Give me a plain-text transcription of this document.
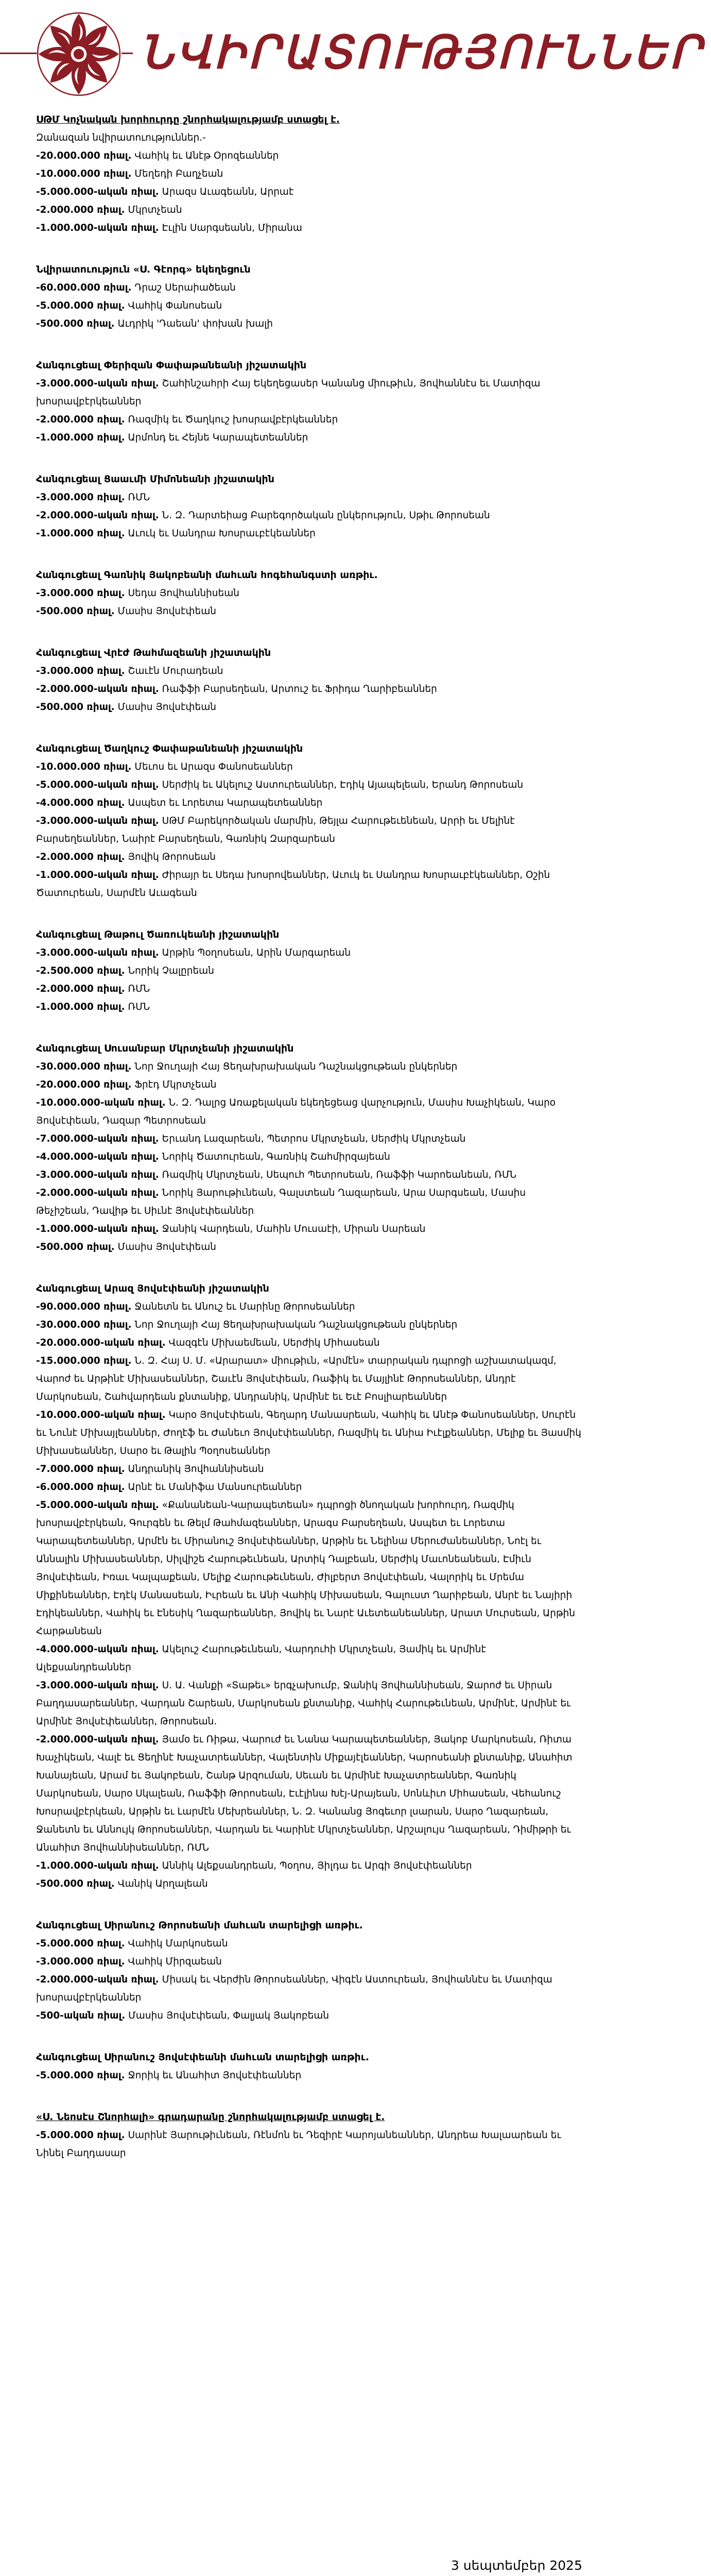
ՆՎԻՐԱՏՈՒԹՅՈՒՆՆԵՐ

ՍԹՄ Կոչնական խորհուրդը շնորհակալությամբ ստացել է.

Զանազան նվիրատուություններ.-

-20.000.000 ռիալ. Վահիկ եւ Անէթ Օրոզեաններ

-10.000.000 ռիալ. Մեղեդի Բաղչեան

-5.000.000-ական ռիալ. Արազս Աւագեանն, Արրաէ

-2.000.000 ռիալ. Մկրտչեան

-1.000.000-ական ռիալ. Էւլին Սարգսեանն, Միրանա

Նվիրատուություն «Ս. Գէորգ» եկեղեցուն

-60.000.000 ռիալ. Դրաշ Սերաիածեան

-5.000.000 ռիալ. Վահիկ Փանոսեան

-500.000 ռիալ. Աւդրիկ 'Դաեան' փոխան խալի

Հանգուցեալ Փերիզան Փափաթանեանի յիշատակին

-3.000.000-ական ռիալ. Շահինշահրի Հայ Եկեղեցասեր Կանանց միութիւն, Յովհաննէս եւ Մատիզա խոսրավբէրկեաններ

-2.000.000 ռիալ. Ռազմիկ եւ Ծաղկուշ խոսրավբէրկեաններ

-1.000.000 ռիալ. Արմոնդ եւ Հեյնե Կարապետեաններ

Հանգուցեալ Ցաաւմի Միմոնեանի յիշատակին

-3.000.000 ռիալ. ՌՄՆ

-2.000.000-ական ռիալ. Ն. Զ. Դարտեիաց Բարեգործական ընկերություն, Սթիւ Թորոսեան

-1.000.000 ռիալ. Աւուկ եւ Սանդրա Խոսրաւբէկեաններ

Հանգուցեալ Գառնիկ Յակոբեանի մահւան հոգեհանգստի առթիւ.

-3.000.000 ռիալ. Սեդա Յովհաննիսեան

-500.000 ռիալ. Մասիս Յովսէփեան

Հանգուցեալ Վրէժ Թահմազեանի յիշատակին

-3.000.000 ռիալ. Շաւէն Մուրադեան

-2.000.000-ական ռիալ. Ռաֆֆի Բարսեղեան, Արտուշ եւ Ֆրիդա Ղարիբեաններ

-500.000 ռիալ. Մասիս Յովսէփեան

Հանգուցեալ Ծաղկուշ Փափաթանեանի յիշատակին

-10.000.000 ռիալ. Մեւոս եւ Արազս Փանոսեաններ

-5.000.000-ական ռիալ. Սերժիկ եւ Ակելուշ Աստուրեաններ, Էդիկ Այապելեան, Երանդ Թորոսեան

-4.000.000 ռիալ. Ասպետ եւ Լորետա Կարապետեաններ

-3.000.000-ական ռիալ. ՍԹՄ Բարեկործական մարմին, Թեյլա Հարութեւենեան, Արրի եւ Մելինէ Բարսեղեաններ, Նաիրէ Բարսեղեան, Գառնիկ Զարզարեան

-2.000.000 ռիալ. Յովիկ Թորոսեան

-1.000.000-ական ռիալ. Ժիրայր եւ Սեդա խոսրովեաններ, Աւուկ եւ Սանդրա Խոսրաւբէկեաններ, Օշին Ծատուրեան, Սարմէն Աւագեան

Հանգուցեալ Թաթուլ Ծառուկեանի յիշատակին

-3.000.000-ական ռիալ. Արթին Պօղոսեան, Արին Մարգարեան

-2.500.000 ռիալ. Նորիկ Չալըրեան

-2.000.000 ռիալ. ՌՄՆ

-1.000.000 ռիալ. ՌՄՆ

Հանգուցեալ Սուսանբար Մկրտչեանի յիշատակին

-30.000.000 ռիալ. Նոր Ջուղայի Հայ Ցեղախրախական Դաշնակցութեան ընկերներ

-20.000.000 ռիալ. Ֆրէդ Մկրտչեան

-10.000.000-ական ռիալ. Ն. Զ. Դալրց Առաքելական եկեղեցեաց վարչություն, Մասիս Խաչիկեան, Կարօ Յովսէփեան, Դազար Պետրոսեան

-7.000.000-ական ռիալ. Երւանդ Լազարեան, Պետրոս Մկրտչեան, Սերժիկ Մկրտչեան

-4.000.000-ական ռիալ. Նորիկ Ծատուրեան, Գառնիկ Շահմիրզայեան

-3.000.000-ական ռիալ. Ռազմիկ Մկրտչեան, Սեպուհ Պետրոսեան, Ռաֆֆի Կարոեանեան, ՌՄՆ

-2.000.000-ական ռիալ. Նորիկ Յարութիւնեան, Գալստեան Ղազարեան, Արա Սարգսեան, Մասիս Թեչիշեան, Դավիթ եւ Սիւնէ Յովսէփեաններ

-1.000.000-ական ռիալ. Ջանիկ Վարդեան, Մահին Մուսաէի, Միրան Սարեան

-500.000 ռիալ. Մասիս Յովսէփեան

Հանգուցեալ Արազ Յովսէփեանի յիշատակին

-90.000.000 ռիալ. Ջանետն եւ Անուշ եւ Մարինը Թորոսեաններ

-30.000.000 ռիալ. Նոր Ջուղայի Հայ Ցեղախրախական Դաշնակցութեան ընկերներ

-20.000.000-ական ռիալ. Վազգէն Միխաեմեան, Սերժիկ Միհասեան

-15.000.000 ռիալ. Ն. Զ. Հայ Ս. Մ. «Արարատ» միութիւն, «Արմէն» տարրական դպրոցի աշխատակազմ, Վարոժ եւ Արթինէ Միխասեաններ, Շաւէն Յովսէփեան, Ռաֆիկ եւ Մայլինէ Թորոսեաններ, Անդրէ Մարկոսեան, Շահվարդեան քնտանիք, Անդրանիկ, Արմինէ եւ Եւէ Բոսլիարեաններ

-10.000.000-ական ռիալ. Կարօ Յովսէփեան, Գեղարդ Մանասրեան, Վահիկ եւ Անէթ Փանոսեաններ, Սուրէն եւ Նունէ Միխայլեաններ, Ժողէֆ եւ Ժանեւո Յովսէփեաններ, Ռազմիկ եւ Անիա Իւէլքեաններ, Մելիք եւ Յասմիկ Միխասեաններ, Սարօ եւ Թալին Պօղոսեաններ

-7.000.000 ռիալ. Անդրանիկ Յովհաննիսեան

-6.000.000 ռիալ. Արնէ եւ Մանիֆա Մանսուրեաններ

-5.000.000-ական ռիալ. «Քանանեան-Կարապետեան» դպրոցի ծնողական խորհուրդ, Ռազմիկ խոսրավբէրկեան, Գուրգեն եւ Թելմ Թահմազեաններ, Արագս Բարսեղեան, Ասպետ եւ Լորետա Կարապետեաններ, Արմէն եւ Միրանուշ Յովսէփեաններ, Արթին եւ Նելինա Մերուժանեաններ, Նոէլ եւ Աննալին Միխասեաններ, Սիլվիշե Հարութեւնեան, Արտիկ Դալբեան, Սերժիկ Մաւոնեանեան, Էմիւն Յովսէփեան, Իռաւ Կալպաքեան, Մելիք Հարութեւնեան, Ժիլբերտ Յովսէփեան, Վալորիկ եւ Մրեմա Միքինեաններ, Էդէկ Մանասեան, Իւրեան եւ Անի Վահիկ Միխասեան, Գալուստ Ղարիբեան, Անրէ եւ Նայիրի Էդիկեաններ, Վահիկ եւ Էնեսիկ Ղազարեաններ, Յովիկ եւ Նարէ Աւետեանեաններ, Արատ Մուրսեան, Արթին Հարթանեան

-4.000.000-ական ռիալ. Ակելուշ Հարութեւնեան, Վարդուհի Մկրտչեան, Յամիկ եւ Արմինէ Ալեքսանդրեաններ

-3.000.000-ական ռիալ. Ս. Ա. Վանքի «Տաթեւ» երգչախումբ, Ջանիկ Յովհաննիսեան, Ջարոժ եւ Սիրան Բաղդասարեաններ, Վարդան Շարեան, Մարկոսեան քնտանիք, Վահիկ Հարութեւնեան, Արմինէ, Արմինէ եւ Արմինէ Յովսէփեաններ, Թորոսեան.

-2.000.000-ական ռիալ. Յամօ եւ Ռիթա, Վարուժ եւ Նանա Կարապետեաններ, Յակոբ Մարկոսեան, Ռիտա Խաչիկեան, Վալէ եւ Ցեղինէ Խաչատրեաններ, Վալենտին Միքայէլեաններ, Կարոսեանի քնտանիք, Անահիտ Խանայեան, Արամ եւ Յակոբեան, Շանթ Արզուման, Սեւան եւ Արմինէ Խաչատրեաններ, Գառնիկ Մարկոսեան, Սարօ Սկալեան, Ռաֆֆի Թորոսեան, Էւէլինա Խէյ-Արայեան, Սոնևիւո Միհասեան, Վեհանուշ Խոսրավբէրկեան, Արթին եւ Լարմէն Մեխրեաններ, Ն. Զ. Կանանց Յոգեւոր լսարան, Սարօ Ղազարեան, Ջանետն եւ Աննույկ Թորոսեաններ, Վարդան եւ Կարինէ Մկրտչեաններ, Արշալույս Ղազարեան, Դիմիթրի եւ Անահիտ Յովհաննիսեաններ, ՌՄՆ

-1.000.000-ական ռիալ. Աննիկ Ալեքսանդրեան, Պօղոս, Յիլդա եւ Արգի Յովսէփեաններ

-500.000 ռիալ. Վանիկ Արղալեան

Հանգուցեալ Սիրանուշ Թորոսեանի մահւան տարելիցի առթիւ.

-5.000.000 ռիալ. Վահիկ Մարկոսեան

-3.000.000 ռիալ. Վահիկ Միրզաեան

-2.000.000-ական ռիալ. Միսակ եւ Վերժին Թորոսեաններ, Վիգէն Աստուրեան, Յովհաննէս եւ Մատիզա խոսրավբէրկեաններ

-500-ական ռիալ. Մասիս Յովսէփեան, Փալյակ Յակոբեան

Հանգուցեալ Սիրանուշ Յովսէփեանի մահւան տարելիցի առթիւ.

-5.000.000 ռիալ. Ջորիկ եւ Անահիտ Յովսէփեաններ

«Ս. Նեոսէս Շնորհալի» գրադարանը շնորհակալությամբ ստացել է.

-5.000.000 ռիալ. Սարինէ Յարութիւնեան, Ռէնմոն եւ Դեզիրէ Կարոյանեաններ, Անդրեա Խալաարեան եւ Նինել Բաղդասար

3 սեպտեմբեր 2025
